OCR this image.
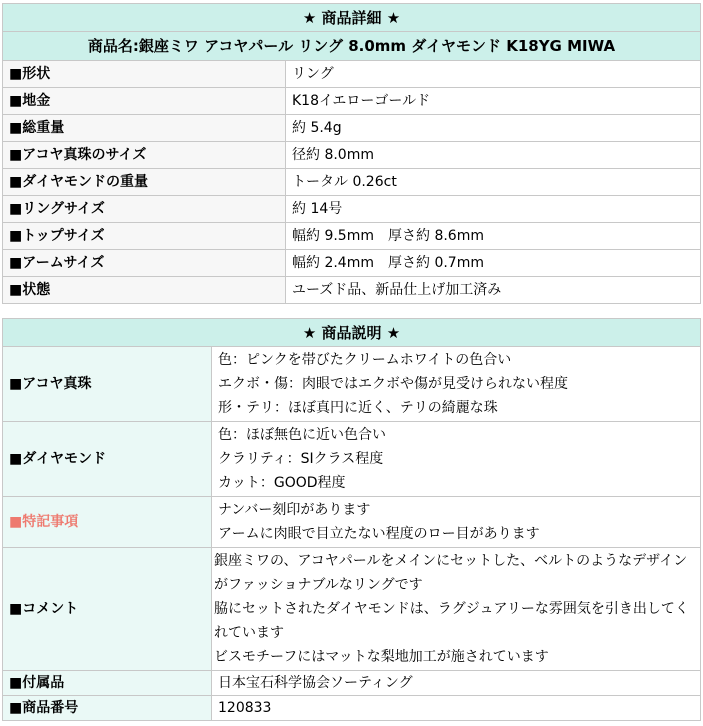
★ 商品詳細 ★	
商品名:銀座ミワ アコヤパール リング 8.0mm ダイヤモンド K18YG MIWA	
■形状	リング
■地金	K18イエローゴールド
■総重量	約 5.4g
■アコヤ真珠のサイズ	径約 8.0mm
■ダイヤモンドの重量	トータル 0.26ct
■リングサイズ	約 14号
■トップサイズ	幅約 9.5mm　厚さ約 8.6mm
■アームサイズ	幅約 2.4mm　厚さ約 0.7mm
■状態	ユーズド品、新品仕上げ加工済み
★ 商品説明 ★	
■アコヤ真珠	色：ピンクを帯びたクリームホワイトの色合い
エクボ・傷：肉眼ではエクボや傷が見受けられない程度
形・テリ：ほぼ真円に近く、テリの綺麗な珠

■ダイヤモンド	色：ほぼ無色に近い色合い
クラリティ：SIクラス程度
カット：GOOD程度

■特記事項	ナンバー刻印があります
アームに肉眼で目立たない程度のロー目があります

■コメント	銀座ミワの、アコヤパールをメインにセットした、ベルトのようなデザイン
がファッショナブルなリングです
脇にセットされたダイヤモンドは、ラグジュアリーな雰囲気を引き出してく
れています
ビスモチーフにはマットな梨地加工が施されています

■付属品	日本宝石科学協会ソーティング
■商品番号	120833
